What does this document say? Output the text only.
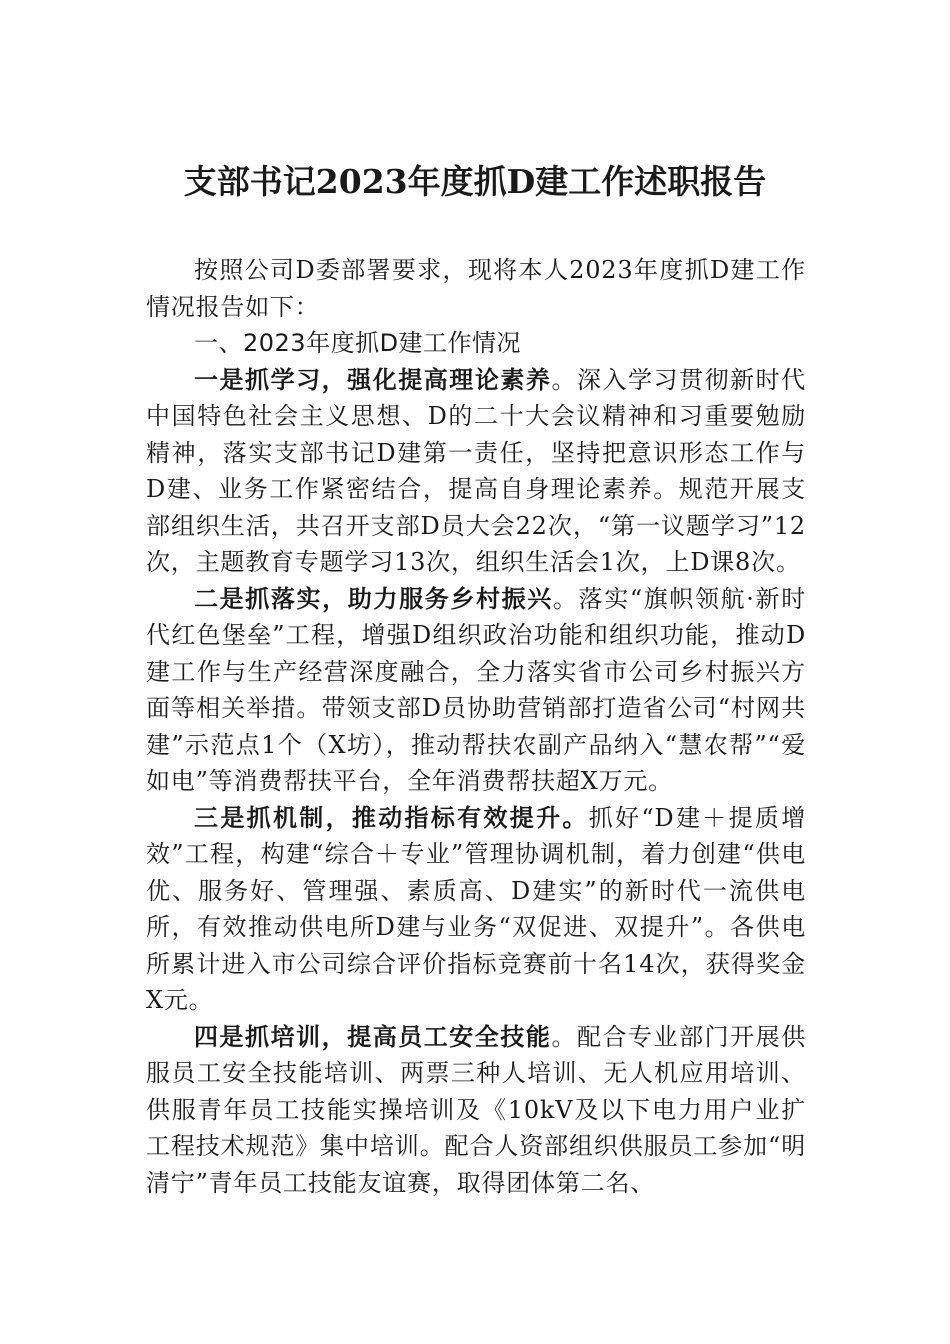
支部书记2023年度抓D建工作述职报告

按照公司D委部署要求，现将本人2023年度抓D建工作情况报告如下：

一、2023年度抓D建工作情况

一是抓学习，强化提高理论素养。深入学习贯彻新时代中国特色社会主义思想、D的二十大会议精神和习重要勉励精神，落实支部书记D建第一责任，坚持把意识形态工作与D建、业务工作紧密结合，提高自身理论素养。规范开展支部组织生活，共召开支部D员大会22次，“第一议题学习”12次，主题教育专题学习13次，组织生活会1次，上D课8次。

二是抓落实，助力服务乡村振兴。落实“旗帜领航·新时代红色堡垒”工程，增强D组织政治功能和组织功能，推动D建工作与生产经营深度融合，全力落实省市公司乡村振兴方面等相关举措。带领支部D员协助营销部打造省公司“村网共建”示范点1个（X坊），推动帮扶农副产品纳入“慧农帮”“爱如电”等消费帮扶平台，全年消费帮扶超X万元。

三是抓机制，推动指标有效提升。抓好“D建＋提质增效”工程，构建“综合＋专业”管理协调机制，着力创建“供电优、服务好、管理强、素质高、D建实”的新时代一流供电所，有效推动供电所D建与业务“双促进、双提升”。各供电所累计进入市公司综合评价指标竞赛前十名14次，获得奖金X元。

四是抓培训，提高员工安全技能。配合专业部门开展供服员工安全技能培训、两票三种人培训、无人机应用培训、供服青年员工技能实操培训及《10kV及以下电力用户业扩工程技术规范》集中培训。配合人资部组织供服员工参加“明清宁”青年员工技能友谊赛，取得团体第二名、
